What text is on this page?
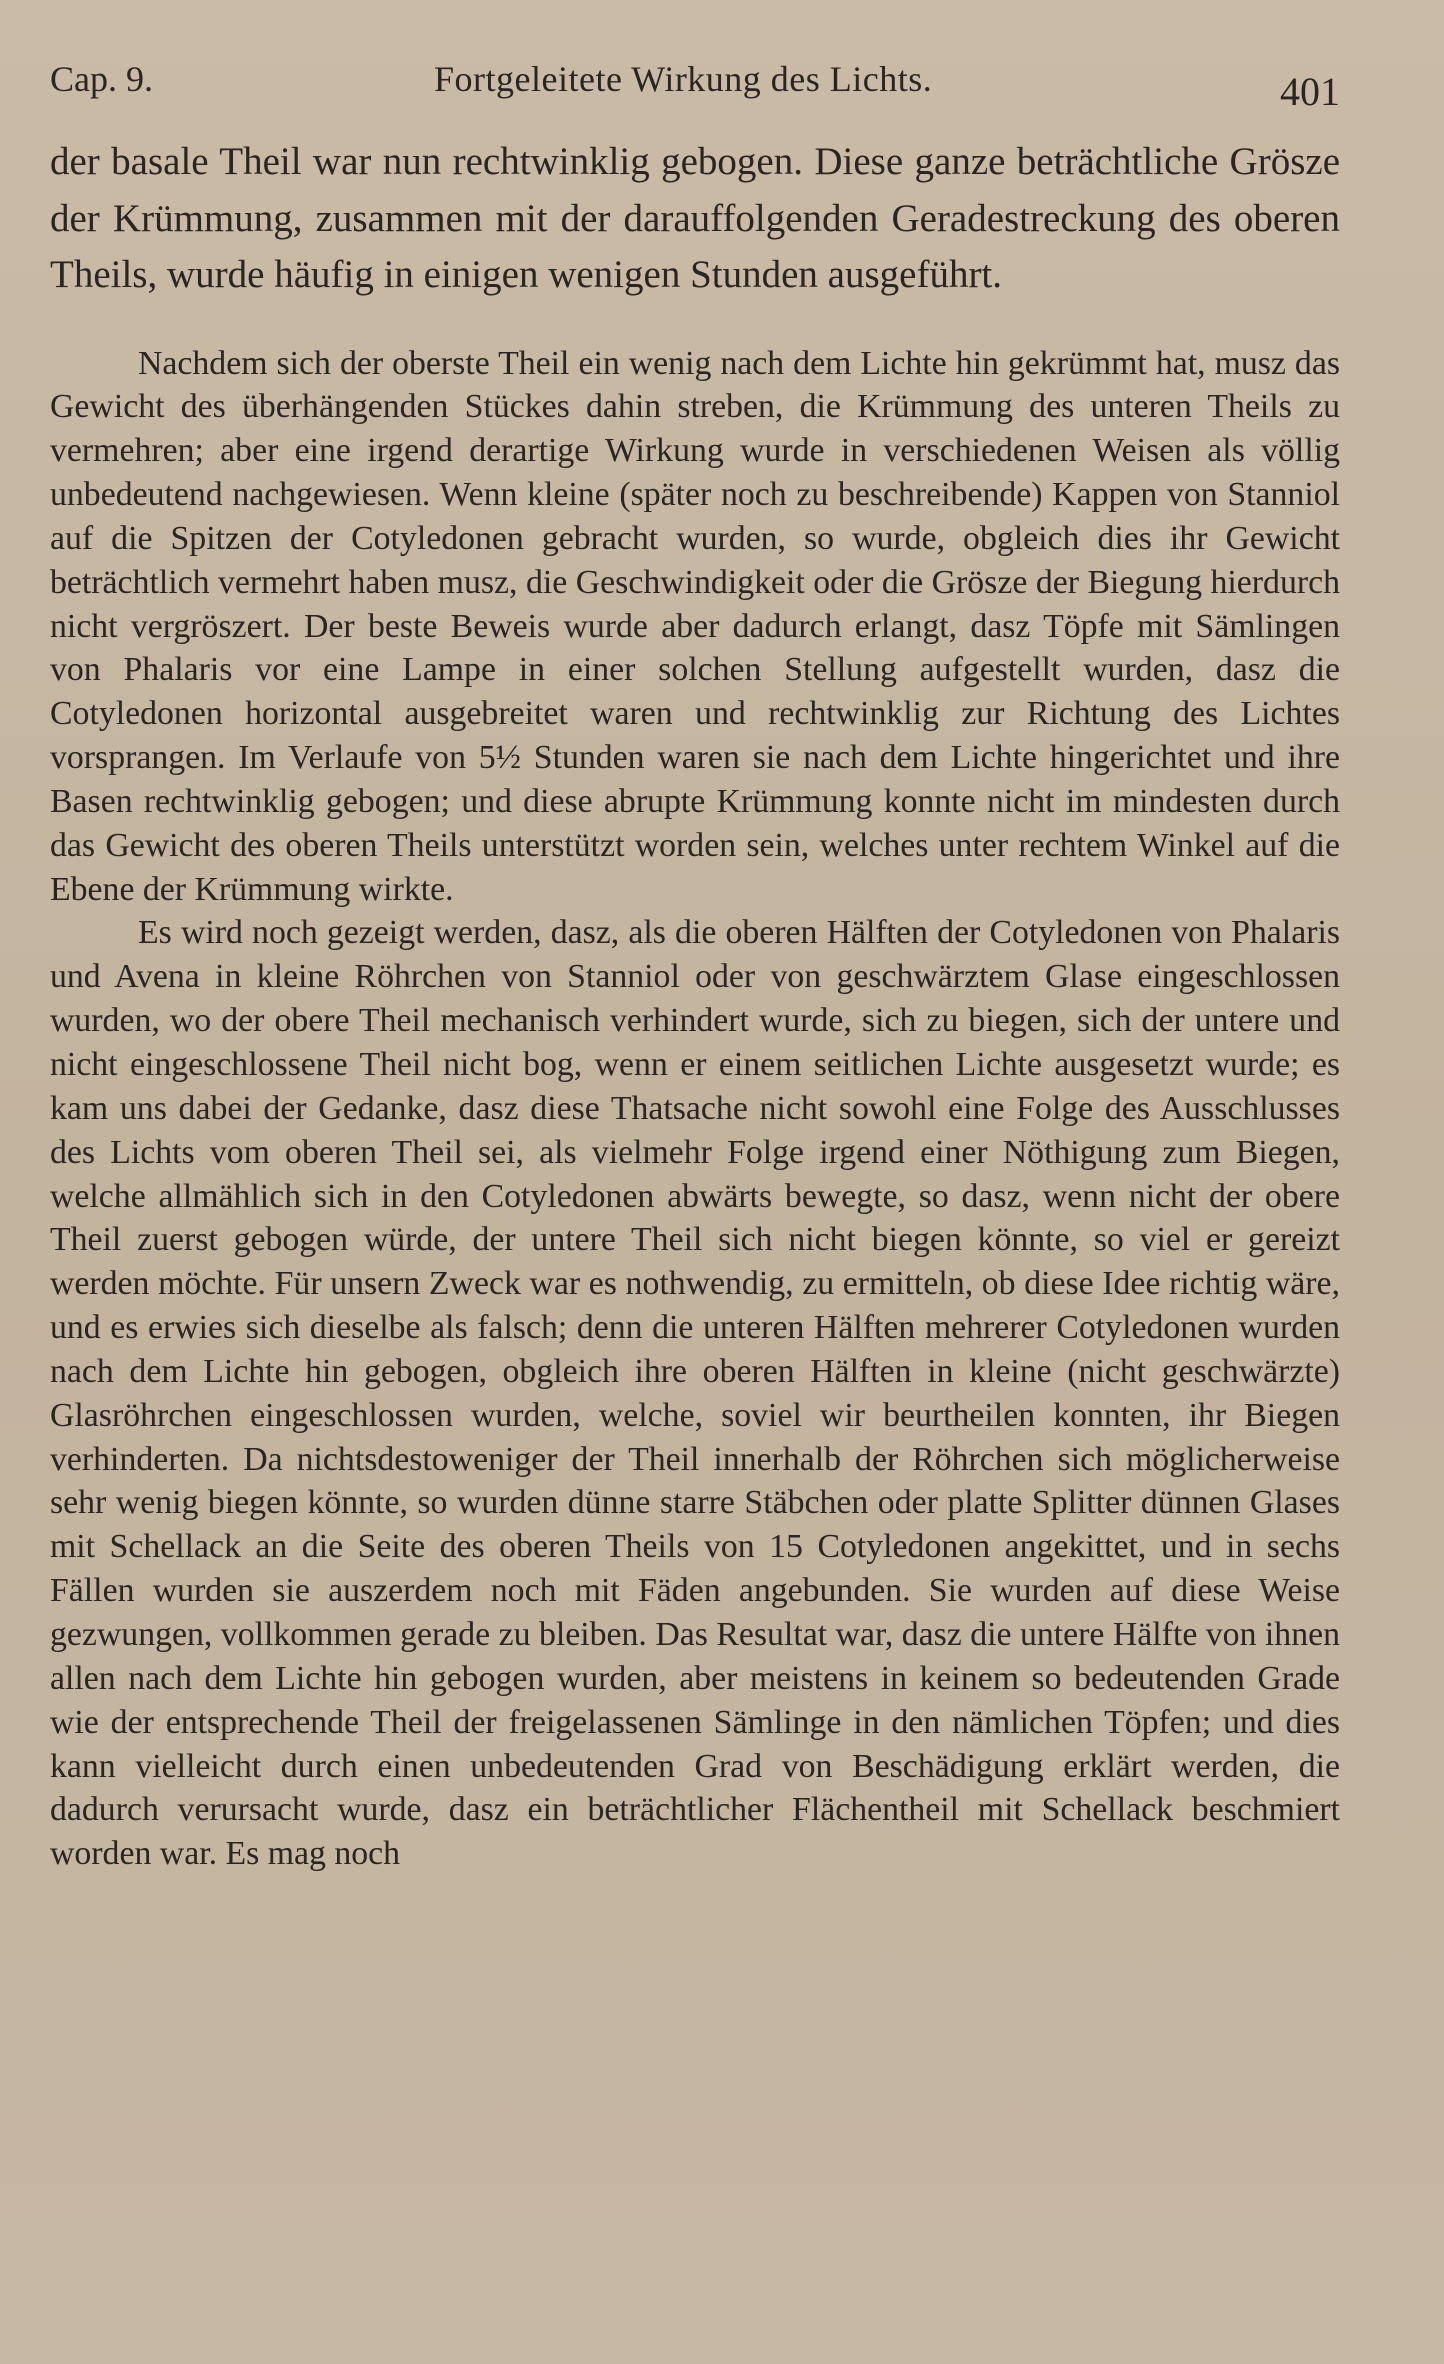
Cap. 9.	Fortgeleitete Wirkung des Lichts.	401

der basale Theil war nun rechtwinklig gebogen. Diese ganze beträchtliche Grösze der Krümmung, zusammen mit der darauffolgenden Geradestreckung des oberen Theils, wurde häufig in einigen wenigen Stunden ausgeführt.

Nachdem sich der oberste Theil ein wenig nach dem Lichte hin gekrümmt hat, musz das Gewicht des überhängenden Stückes dahin streben, die Krümmung des unteren Theils zu vermehren; aber eine irgend derartige Wirkung wurde in verschiedenen Weisen als völlig unbedeutend nachgewiesen. Wenn kleine (später noch zu beschreibende) Kappen von Stanniol auf die Spitzen der Cotyledonen gebracht wurden, so wurde, obgleich dies ihr Gewicht beträchtlich vermehrt haben musz, die Geschwindigkeit oder die Grösze der Biegung hierdurch nicht vergröszert. Der beste Beweis wurde aber dadurch erlangt, dasz Töpfe mit Sämlingen von Phalaris vor eine Lampe in einer solchen Stellung aufgestellt wurden, dasz die Cotyledonen horizontal ausgebreitet waren und rechtwinklig zur Richtung des Lichtes vorsprangen. Im Verlaufe von 5½ Stunden waren sie nach dem Lichte hingerichtet und ihre Basen rechtwinklig gebogen; und diese abrupte Krümmung konnte nicht im mindesten durch das Gewicht des oberen Theils unterstützt worden sein, welches unter rechtem Winkel auf die Ebene der Krümmung wirkte.

Es wird noch gezeigt werden, dasz, als die oberen Hälften der Cotyledonen von Phalaris und Avena in kleine Röhrchen von Stanniol oder von geschwärztem Glase eingeschlossen wurden, wo der obere Theil mechanisch verhindert wurde, sich zu biegen, sich der untere und nicht eingeschlossene Theil nicht bog, wenn er einem seitlichen Lichte ausgesetzt wurde; es kam uns dabei der Gedanke, dasz diese Thatsache nicht sowohl eine Folge des Ausschlusses des Lichts vom oberen Theil sei, als vielmehr Folge irgend einer Nöthigung zum Biegen, welche allmählich sich in den Cotyledonen abwärts bewegte, so dasz, wenn nicht der obere Theil zuerst gebogen würde, der untere Theil sich nicht biegen könnte, so viel er gereizt werden möchte. Für unsern Zweck war es nothwendig, zu ermitteln, ob diese Idee richtig wäre, und es erwies sich dieselbe als falsch; denn die unteren Hälften mehrerer Cotyledonen wurden nach dem Lichte hin gebogen, obgleich ihre oberen Hälften in kleine (nicht geschwärzte) Glasröhrchen eingeschlossen wurden, welche, soviel wir beurtheilen konnten, ihr Biegen verhinderten. Da nichtsdestoweniger der Theil innerhalb der Röhrchen sich möglicherweise sehr wenig biegen könnte, so wurden dünne starre Stäbchen oder platte Splitter dünnen Glases mit Schellack an die Seite des oberen Theils von 15 Cotyledonen angekittet, und in sechs Fällen wurden sie auszerdem noch mit Fäden angebunden. Sie wurden auf diese Weise gezwungen, vollkommen gerade zu bleiben. Das Resultat war, dasz die untere Hälfte von ihnen allen nach dem Lichte hin gebogen wurden, aber meistens in keinem so bedeutenden Grade wie der entsprechende Theil der freigelassenen Sämlinge in den nämlichen Töpfen; und dies kann vielleicht durch einen unbedeutenden Grad von Beschädigung erklärt werden, die dadurch verursacht wurde, dasz ein beträchtlicher Flächentheil mit Schellack beschmiert worden war. Es mag noch
